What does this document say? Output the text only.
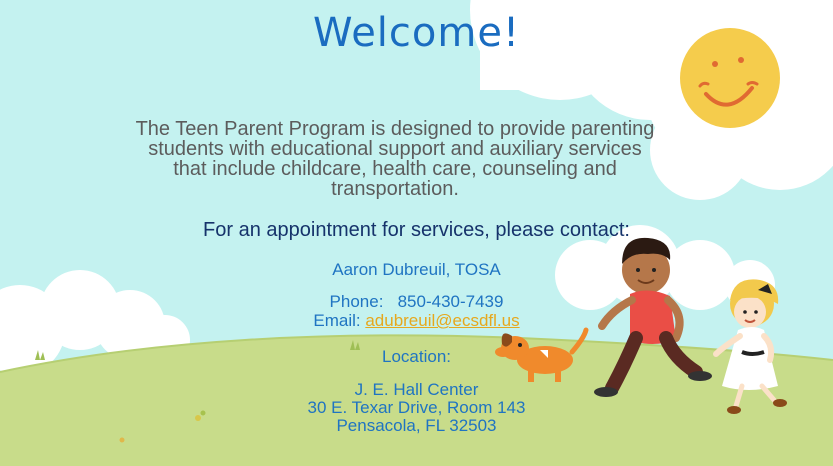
Welcome!
The Teen Parent Program is designed to provide parenting students with educational support and auxiliary services that include childcare, health care, counseling and transportation.
For an appointment for services, please contact:
Aaron Dubreuil, TOSA
Phone: 850-430-7439
Email: adubreuil@ecsdfl.us
Location:
J. E. Hall Center
30 E. Texar Drive, Room 143
Pensacola, FL 32503
